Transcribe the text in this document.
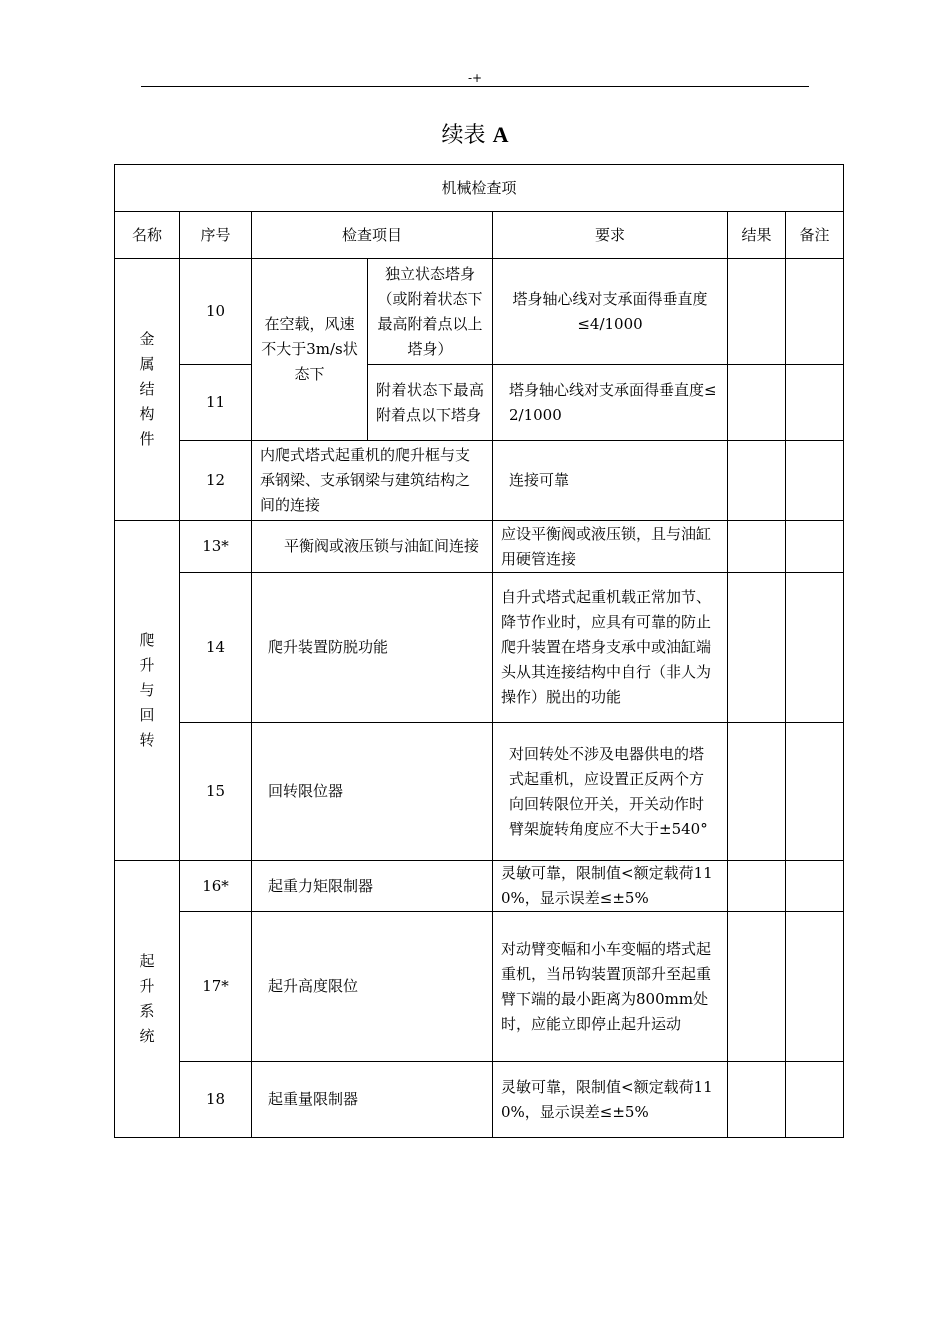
-+
续表 A
机械检查项						
名称	序号	检查项目		要求	结果	备注

金
属
结
构
件	10	在空载，风速不大于3m/s状态下	独立状态塔身（或附着状态下最高附着点以上塔身）	塔身轴心线对支承面得垂直度≤4/1000		
	11		附着状态下最高附着点以下塔身	塔身轴心线对支承面得垂直度≤2/1000		
	12	内爬式塔式起重机的爬升框与支承钢梁、支承钢梁与建筑结构之间的连接		连接可靠		

爬
升
与
回
转	13*	平衡阀或液压锁与油缸间连接		应设平衡阀或液压锁，且与油缸用硬管连接		
	14	爬升装置防脱功能		自升式塔式起重机载正常加节、降节作业时，应具有可靠的防止爬升装置在塔身支承中或油缸端头从其连接结构中自行（非人为操作）脱出的功能		
	15	回转限位器		对回转处不涉及电器供电的塔式起重机，应设置正反两个方向回转限位开关，开关动作时臂架旋转角度应不大于±540°		

起
升
系
统	16*	起重力矩限制器		灵敏可靠，限制值<额定载荷110%，显示误差≤±5%		
	17*	起升高度限位		对动臂变幅和小车变幅的塔式起重机，当吊钩装置顶部升至起重臂下端的最小距离为800mm处时，应能立即停止起升运动		
	18	起重量限制器		灵敏可靠，限制值<额定载荷110%，显示误差≤±5%		
